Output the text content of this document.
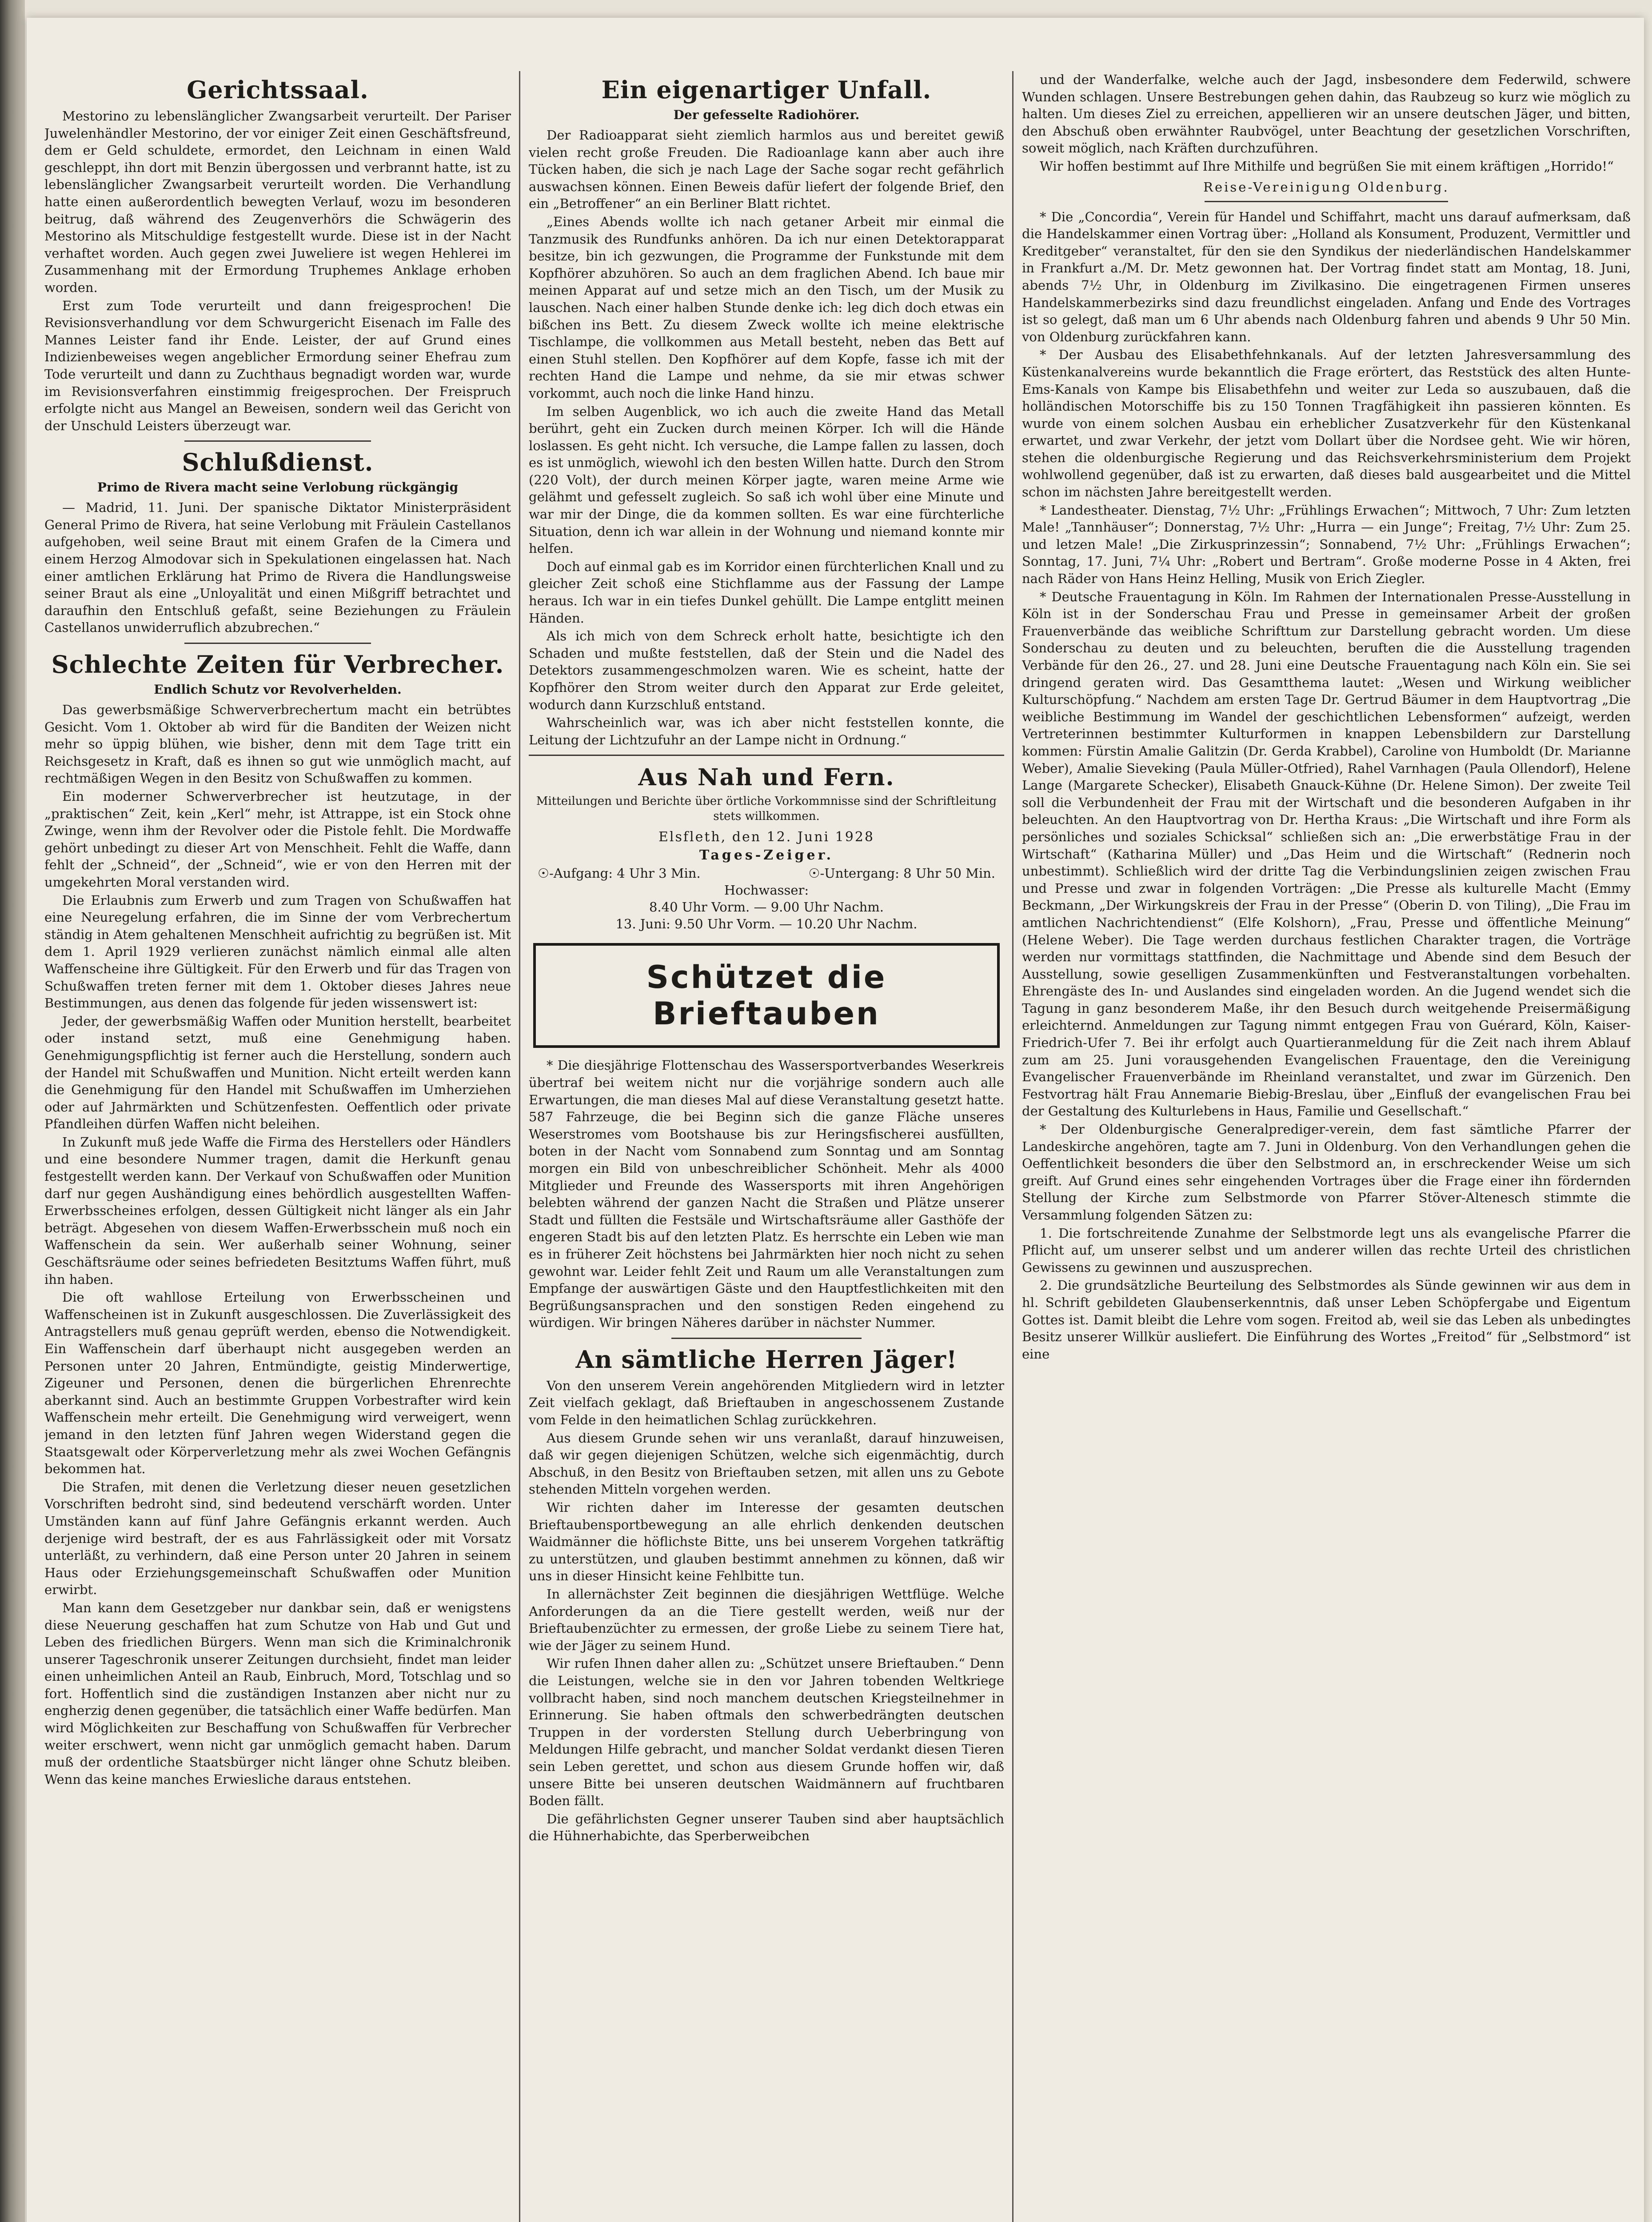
Gerichtssaal.

Mestorino zu lebenslänglicher Zwangsarbeit verurteilt. Der Pariser Juwelenhändler Mestorino, der vor einiger Zeit einen Geschäftsfreund, dem er Geld schuldete, ermordet, den Leichnam in einen Wald geschleppt, ihn dort mit Benzin übergossen und verbrannt hatte, ist zu lebenslänglicher Zwangsarbeit verurteilt worden. Die Verhandlung hatte einen außerordentlich bewegten Verlauf, wozu im besonderen beitrug, daß während des Zeugenverhörs die Schwägerin des Mestorino als Mitschuldige festgestellt wurde. Diese ist in der Nacht verhaftet worden. Auch gegen zwei Juweliere ist wegen Hehlerei im Zusammenhang mit der Ermordung Truphemes Anklage erhoben worden.

Erst zum Tode verurteilt und dann freigesprochen! Die Revisionsverhandlung vor dem Schwurgericht Eisenach im Falle des Mannes Leister fand ihr Ende. Leister, der auf Grund eines Indizienbeweises wegen angeblicher Ermordung seiner Ehefrau zum Tode verurteilt und dann zu Zuchthaus begnadigt worden war, wurde im Revisionsverfahren einstimmig freigesprochen. Der Freispruch erfolgte nicht aus Mangel an Beweisen, sondern weil das Gericht von der Unschuld Leisters überzeugt war.

Schlußdienst.
Primo de Rivera macht seine Verlobung rückgängig

— Madrid, 11. Juni. Der spanische Diktator Ministerpräsident General Primo de Rivera, hat seine Verlobung mit Fräulein Castellanos aufgehoben, weil seine Braut mit einem Grafen de la Cimera und einem Herzog Almodovar sich in Spekulationen eingelassen hat. Nach einer amtlichen Erklärung hat Primo de Rivera die Handlungsweise seiner Braut als eine „Unloyalität und einen Mißgriff betrachtet und daraufhin den Entschluß gefaßt, seine Beziehungen zu Fräulein Castellanos unwiderruflich abzubrechen.“

Schlechte Zeiten für Verbrecher.
Endlich Schutz vor Revolverhelden.

Das gewerbsmäßige Schwerverbrechertum macht ein betrübtes Gesicht. Vom 1. Oktober ab wird für die Banditen der Weizen nicht mehr so üppig blühen, wie bisher, denn mit dem Tage tritt ein Reichsgesetz in Kraft, daß es ihnen so gut wie unmöglich macht, auf rechtmäßigen Wegen in den Besitz von Schußwaffen zu kommen.

Ein moderner Schwerverbrecher ist heutzutage, in der „praktischen“ Zeit, kein „Kerl“ mehr, ist Attrappe, ist ein Stock ohne Zwinge, wenn ihm der Revolver oder die Pistole fehlt. Die Mordwaffe gehört unbedingt zu dieser Art von Menschheit. Fehlt die Waffe, dann fehlt der „Schneid“, der „Schneid“, wie er von den Herren mit der umgekehrten Moral verstanden wird.

Die Erlaubnis zum Erwerb und zum Tragen von Schußwaffen hat eine Neuregelung erfahren, die im Sinne der vom Verbrechertum ständig in Atem gehaltenen Menschheit aufrichtig zu begrüßen ist. Mit dem 1. April 1929 verlieren zunächst nämlich einmal alle alten Waffenscheine ihre Gültigkeit. Für den Erwerb und für das Tragen von Schußwaffen treten ferner mit dem 1. Oktober dieses Jahres neue Bestimmungen, aus denen das folgende für jeden wissenswert ist:

Jeder, der gewerbsmäßig Waffen oder Munition herstellt, bearbeitet oder instand setzt, muß eine Genehmigung haben. Genehmigungspflichtig ist ferner auch die Herstellung, sondern auch der Handel mit Schußwaffen und Munition. Nicht erteilt werden kann die Genehmigung für den Handel mit Schußwaffen im Umherziehen oder auf Jahrmärkten und Schützenfesten. Oeffentlich oder private Pfandleihen dürfen Waffen nicht beleihen.

In Zukunft muß jede Waffe die Firma des Herstellers oder Händlers und eine besondere Nummer tragen, damit die Herkunft genau festgestellt werden kann. Der Verkauf von Schußwaffen oder Munition darf nur gegen Aushändigung eines behördlich ausgestellten Waffen-Erwerbsscheines erfolgen, dessen Gültigkeit nicht länger als ein Jahr beträgt. Abgesehen von diesem Waffen-Erwerbsschein muß noch ein Waffenschein da sein. Wer außerhalb seiner Wohnung, seiner Geschäftsräume oder seines befriedeten Besitztums Waffen führt, muß ihn haben.

Die oft wahllose Erteilung von Erwerbsscheinen und Waffenscheinen ist in Zukunft ausgeschlossen. Die Zuverlässigkeit des Antragstellers muß genau geprüft werden, ebenso die Notwendigkeit. Ein Waffenschein darf überhaupt nicht ausgegeben werden an Personen unter 20 Jahren, Entmündigte, geistig Minderwertige, Zigeuner und Personen, denen die bürgerlichen Ehrenrechte aberkannt sind. Auch an bestimmte Gruppen Vorbestrafter wird kein Waffenschein mehr erteilt. Die Genehmigung wird verweigert, wenn jemand in den letzten fünf Jahren wegen Widerstand gegen die Staatsgewalt oder Körperverletzung mehr als zwei Wochen Gefängnis bekommen hat.

Die Strafen, mit denen die Verletzung dieser neuen gesetzlichen Vorschriften bedroht sind, sind bedeutend verschärft worden. Unter Umständen kann auf fünf Jahre Gefängnis erkannt werden. Auch derjenige wird bestraft, der es aus Fahrlässigkeit oder mit Vorsatz unterläßt, zu verhindern, daß eine Person unter 20 Jahren in seinem Haus oder Erziehungsgemeinschaft Schußwaffen oder Munition erwirbt.

Man kann dem Gesetzgeber nur dankbar sein, daß er wenigstens diese Neuerung geschaffen hat zum Schutze von Hab und Gut und Leben des friedlichen Bürgers. Wenn man sich die Kriminalchronik unserer Tageschronik unserer Zeitungen durchsieht, findet man leider einen unheimlichen Anteil an Raub, Einbruch, Mord, Totschlag und so fort. Hoffentlich sind die zuständigen Instanzen aber nicht nur zu engherzig denen gegenüber, die tatsächlich einer Waffe bedürfen. Man wird Möglichkeiten zur Beschaffung von Schußwaffen für Verbrecher weiter erschwert, wenn nicht gar unmöglich gemacht haben. Darum muß der ordentliche Staatsbürger nicht länger ohne Schutz bleiben. Wenn das keine manches Erwiesliche daraus entstehen.

Ein eigenartiger Unfall.
Der gefesselte Radiohörer.

Der Radioapparat sieht ziemlich harmlos aus und bereitet gewiß vielen recht große Freuden. Die Radioanlage kann aber auch ihre Tücken haben, die sich je nach Lage der Sache sogar recht gefährlich auswachsen können. Einen Beweis dafür liefert der folgende Brief, den ein „Betroffener“ an ein Berliner Blatt richtet.

„Eines Abends wollte ich nach getaner Arbeit mir einmal die Tanzmusik des Rundfunks anhören. Da ich nur einen Detektorapparat besitze, bin ich gezwungen, die Programme der Funkstunde mit dem Kopfhörer abzuhören. So auch an dem fraglichen Abend. Ich baue mir meinen Apparat auf und setze mich an den Tisch, um der Musik zu lauschen. Nach einer halben Stunde denke ich: leg dich doch etwas ein bißchen ins Bett. Zu diesem Zweck wollte ich meine elektrische Tischlampe, die vollkommen aus Metall besteht, neben das Bett auf einen Stuhl stellen. Den Kopfhörer auf dem Kopfe, fasse ich mit der rechten Hand die Lampe und nehme, da sie mir etwas schwer vorkommt, auch noch die linke Hand hinzu.

Im selben Augenblick, wo ich auch die zweite Hand das Metall berührt, geht ein Zucken durch meinen Körper. Ich will die Hände loslassen. Es geht nicht. Ich versuche, die Lampe fallen zu lassen, doch es ist unmöglich, wiewohl ich den besten Willen hatte. Durch den Strom (220 Volt), der durch meinen Körper jagte, waren meine Arme wie gelähmt und gefesselt zugleich. So saß ich wohl über eine Minute und war mir der Dinge, die da kommen sollten. Es war eine fürchterliche Situation, denn ich war allein in der Wohnung und niemand konnte mir helfen.

Doch auf einmal gab es im Korridor einen fürchterlichen Knall und zu gleicher Zeit schoß eine Stichflamme aus der Fassung der Lampe heraus. Ich war in ein tiefes Dunkel gehüllt. Die Lampe entglitt meinen Händen.

Als ich mich von dem Schreck erholt hatte, besichtigte ich den Schaden und mußte feststellen, daß der Stein und die Nadel des Detektors zusammengeschmolzen waren. Wie es scheint, hatte der Kopfhörer den Strom weiter durch den Apparat zur Erde geleitet, wodurch dann Kurzschluß entstand.

Wahrscheinlich war, was ich aber nicht feststellen konnte, die Leitung der Lichtzufuhr an der Lampe nicht in Ordnung.“

Aus Nah und Fern.
Mitteilungen und Berichte über örtliche Vorkommnisse sind der Schriftleitung stets willkommen.
Elsfleth, den 12. Juni 1928
Tages-Zeiger.
☉-Aufgang: 4 Uhr 3 Min.	☉-Untergang: 8 Uhr 50 Min.
Hochwasser:
8.40 Uhr Vorm. — 9.00 Uhr Nachm.
13. Juni: 9.50 Uhr Vorm. — 10.20 Uhr Nachm.
Schützet die Brieftauben

* Die diesjährige Flottenschau des Wassersportverbandes Weserkreis übertraf bei weitem nicht nur die vorjährige sondern auch alle Erwartungen, die man dieses Mal auf diese Veranstaltung gesetzt hatte. 587 Fahrzeuge, die bei Beginn sich die ganze Fläche unseres Weserstromes vom Bootshause bis zur Heringsfischerei ausfüllten, boten in der Nacht vom Sonnabend zum Sonntag und am Sonntag morgen ein Bild von unbeschreiblicher Schönheit. Mehr als 4000 Mitglieder und Freunde des Wassersports mit ihren Angehörigen belebten während der ganzen Nacht die Straßen und Plätze unserer Stadt und füllten die Festsäle und Wirtschaftsräume aller Gasthöfe der engeren Stadt bis auf den letzten Platz. Es herrschte ein Leben wie man es in früherer Zeit höchstens bei Jahrmärkten hier noch nicht zu sehen gewohnt war. Leider fehlt Zeit und Raum um alle Veranstaltungen zum Empfange der auswärtigen Gäste und den Hauptfestlichkeiten mit den Begrüßungsansprachen und den sonstigen Reden eingehend zu würdigen. Wir bringen Näheres darüber in nächster Nummer.

An sämtliche Herren Jäger!

Von den unserem Verein angehörenden Mitgliedern wird in letzter Zeit vielfach geklagt, daß Brieftauben in angeschossenem Zustande vom Felde in den heimatlichen Schlag zurückkehren.

Aus diesem Grunde sehen wir uns veranlaßt, darauf hinzuweisen, daß wir gegen diejenigen Schützen, welche sich eigenmächtig, durch Abschuß, in den Besitz von Brieftauben setzen, mit allen uns zu Gebote stehenden Mitteln vorgehen werden.

Wir richten daher im Interesse der gesamten deutschen Brieftaubensportbewegung an alle ehrlich denkenden deutschen Waidmänner die höflichste Bitte, uns bei unserem Vorgehen tatkräftig zu unterstützen, und glauben bestimmt annehmen zu können, daß wir uns in dieser Hinsicht keine Fehlbitte tun.

In allernächster Zeit beginnen die diesjährigen Wettflüge. Welche Anforderungen da an die Tiere gestellt werden, weiß nur der Brieftaubenzüchter zu ermessen, der große Liebe zu seinem Tiere hat, wie der Jäger zu seinem Hund.

Wir rufen Ihnen daher allen zu: „Schützet unsere Brieftauben.“ Denn die Leistungen, welche sie in den vor Jahren tobenden Weltkriege vollbracht haben, sind noch manchem deutschen Kriegsteilnehmer in Erinnerung. Sie haben oftmals den schwerbedrängten deutschen Truppen in der vordersten Stellung durch Ueberbringung von Meldungen Hilfe gebracht, und mancher Soldat verdankt diesen Tieren sein Leben gerettet, und schon aus diesem Grunde hoffen wir, daß unsere Bitte bei unseren deutschen Waidmännern auf fruchtbaren Boden fällt.

Die gefährlichsten Gegner unserer Tauben sind aber hauptsächlich die Hühnerhabichte, das Sperberweibchen

und der Wanderfalke, welche auch der Jagd, insbesondere dem Federwild, schwere Wunden schlagen. Unsere Bestrebungen gehen dahin, das Raubzeug so kurz wie möglich zu halten. Um dieses Ziel zu erreichen, appellieren wir an unsere deutschen Jäger, und bitten, den Abschuß oben erwähnter Raubvögel, unter Beachtung der gesetzlichen Vorschriften, soweit möglich, nach Kräften durchzuführen.

Wir hoffen bestimmt auf Ihre Mithilfe und begrüßen Sie mit einem kräftigen „Horrido!“

Reise-Vereinigung Oldenburg.

* Die „Concordia“, Verein für Handel und Schiffahrt, macht uns darauf aufmerksam, daß die Handelskammer einen Vortrag über: „Holland als Konsument, Produzent, Vermittler und Kreditgeber“ veranstaltet, für den sie den Syndikus der niederländischen Handelskammer in Frankfurt a./M. Dr. Metz gewonnen hat. Der Vortrag findet statt am Montag, 18. Juni, abends 7½ Uhr, in Oldenburg im Zivilkasino. Die eingetragenen Firmen unseres Handelskammerbezirks sind dazu freundlichst eingeladen. Anfang und Ende des Vortrages ist so gelegt, daß man um 6 Uhr abends nach Oldenburg fahren und abends 9 Uhr 50 Min. von Oldenburg zurückfahren kann.

* Der Ausbau des Elisabethfehnkanals. Auf der letzten Jahresversammlung des Küstenkanalvereins wurde bekanntlich die Frage erörtert, das Reststück des alten Hunte-Ems-Kanals von Kampe bis Elisabethfehn und weiter zur Leda so auszubauen, daß die holländischen Motorschiffe bis zu 150 Tonnen Tragfähigkeit ihn passieren könnten. Es wurde von einem solchen Ausbau ein erheblicher Zusatzverkehr für den Küstenkanal erwartet, und zwar Verkehr, der jetzt vom Dollart über die Nordsee geht. Wie wir hören, stehen die oldenburgische Regierung und das Reichsverkehrsministerium dem Projekt wohlwollend gegenüber, daß ist zu erwarten, daß dieses bald ausgearbeitet und die Mittel schon im nächsten Jahre bereitgestellt werden.

* Landestheater. Dienstag, 7½ Uhr: „Frühlings Erwachen“; Mittwoch, 7 Uhr: Zum letzten Male! „Tannhäuser“; Donnerstag, 7½ Uhr: „Hurra — ein Junge“; Freitag, 7½ Uhr: Zum 25. und letzen Male! „Die Zirkusprinzessin“; Sonnabend, 7½ Uhr: „Frühlings Erwachen“; Sonntag, 17. Juni, 7¼ Uhr: „Robert und Bertram“. Große moderne Posse in 4 Akten, frei nach Räder von Hans Heinz Helling, Musik von Erich Ziegler.

* Deutsche Frauentagung in Köln. Im Rahmen der Internationalen Presse-Ausstellung in Köln ist in der Sonderschau Frau und Presse in gemeinsamer Arbeit der großen Frauenverbände das weibliche Schrifttum zur Darstellung gebracht worden. Um diese Sonderschau zu deuten und zu beleuchten, beruften die die Ausstellung tragenden Verbände für den 26., 27. und 28. Juni eine Deutsche Frauentagung nach Köln ein. Sie sei dringend geraten wird. Das Gesamtthema lautet: „Wesen und Wirkung weiblicher Kulturschöpfung.“ Nachdem am ersten Tage Dr. Gertrud Bäumer in dem Hauptvortrag „Die weibliche Bestimmung im Wandel der geschichtlichen Lebensformen“ aufzeigt, werden Vertreterinnen bestimmter Kulturformen in knappen Lebensbildern zur Darstellung kommen: Fürstin Amalie Galitzin (Dr. Gerda Krabbel), Caroline von Humboldt (Dr. Marianne Weber), Amalie Sieveking (Paula Müller-Otfried), Rahel Varnhagen (Paula Ollendorf), Helene Lange (Margarete Schecker), Elisabeth Gnauck-Kühne (Dr. Helene Simon). Der zweite Teil soll die Verbundenheit der Frau mit der Wirtschaft und die besonderen Aufgaben in ihr beleuchten. An den Hauptvortrag von Dr. Hertha Kraus: „Die Wirtschaft und ihre Form als persönliches und soziales Schicksal“ schließen sich an: „Die erwerbstätige Frau in der Wirtschaft“ (Katharina Müller) und „Das Heim und die Wirtschaft“ (Rednerin noch unbestimmt). Schließlich wird der dritte Tag die Verbindungslinien zeigen zwischen Frau und Presse und zwar in folgenden Vorträgen: „Die Presse als kulturelle Macht (Emmy Beckmann, „Der Wirkungskreis der Frau in der Presse“ (Oberin D. von Tiling), „Die Frau im amtlichen Nachrichtendienst“ (Elfe Kolshorn), „Frau, Presse und öffentliche Meinung“ (Helene Weber). Die Tage werden durchaus festlichen Charakter tragen, die Vorträge werden nur vormittags stattfinden, die Nachmittage und Abende sind dem Besuch der Ausstellung, sowie geselligen Zusammenkünften und Festveranstaltungen vorbehalten. Ehrengäste des In- und Auslandes sind eingeladen worden. An die Jugend wendet sich die Tagung in ganz besonderem Maße, ihr den Besuch durch weitgehende Preisermäßigung erleichternd. Anmeldungen zur Tagung nimmt entgegen Frau von Guérard, Köln, Kaiser-Friedrich-Ufer 7. Bei ihr erfolgt auch Quartieranmeldung für die Zeit nach ihrem Ablauf zum am 25. Juni vorausgehenden Evangelischen Frauentage, den die Vereinigung Evangelischer Frauenverbände im Rheinland veranstaltet, und zwar im Gürzenich. Den Festvortrag hält Frau Annemarie Biebig-Breslau, über „Einfluß der evangelischen Frau bei der Gestaltung des Kulturlebens in Haus, Familie und Gesellschaft.“

* Der Oldenburgische Generalprediger-verein, dem fast sämtliche Pfarrer der Landeskirche angehören, tagte am 7. Juni in Oldenburg. Von den Verhandlungen gehen die Oeffentlichkeit besonders die über den Selbstmord an, in erschreckender Weise um sich greift. Auf Grund eines sehr eingehenden Vortrages über die Frage einer ihn fördernden Stellung der Kirche zum Selbstmorde von Pfarrer Stöver-Altenesch stimmte die Versammlung folgenden Sätzen zu:

1. Die fortschreitende Zunahme der Selbstmorde legt uns als evangelische Pfarrer die Pflicht auf, um unserer selbst und um anderer willen das rechte Urteil des christlichen Gewissens zu gewinnen und auszusprechen.

2. Die grundsätzliche Beurteilung des Selbstmordes als Sünde gewinnen wir aus dem in hl. Schrift gebildeten Glaubenserkenntnis, daß unser Leben Schöpfergabe und Eigentum Gottes ist. Damit bleibt die Lehre vom sogen. Freitod ab, weil sie das Leben als unbedingtes Besitz unserer Willkür ausliefert. Die Einführung des Wortes „Freitod“ für „Selbstmord“ ist eine
